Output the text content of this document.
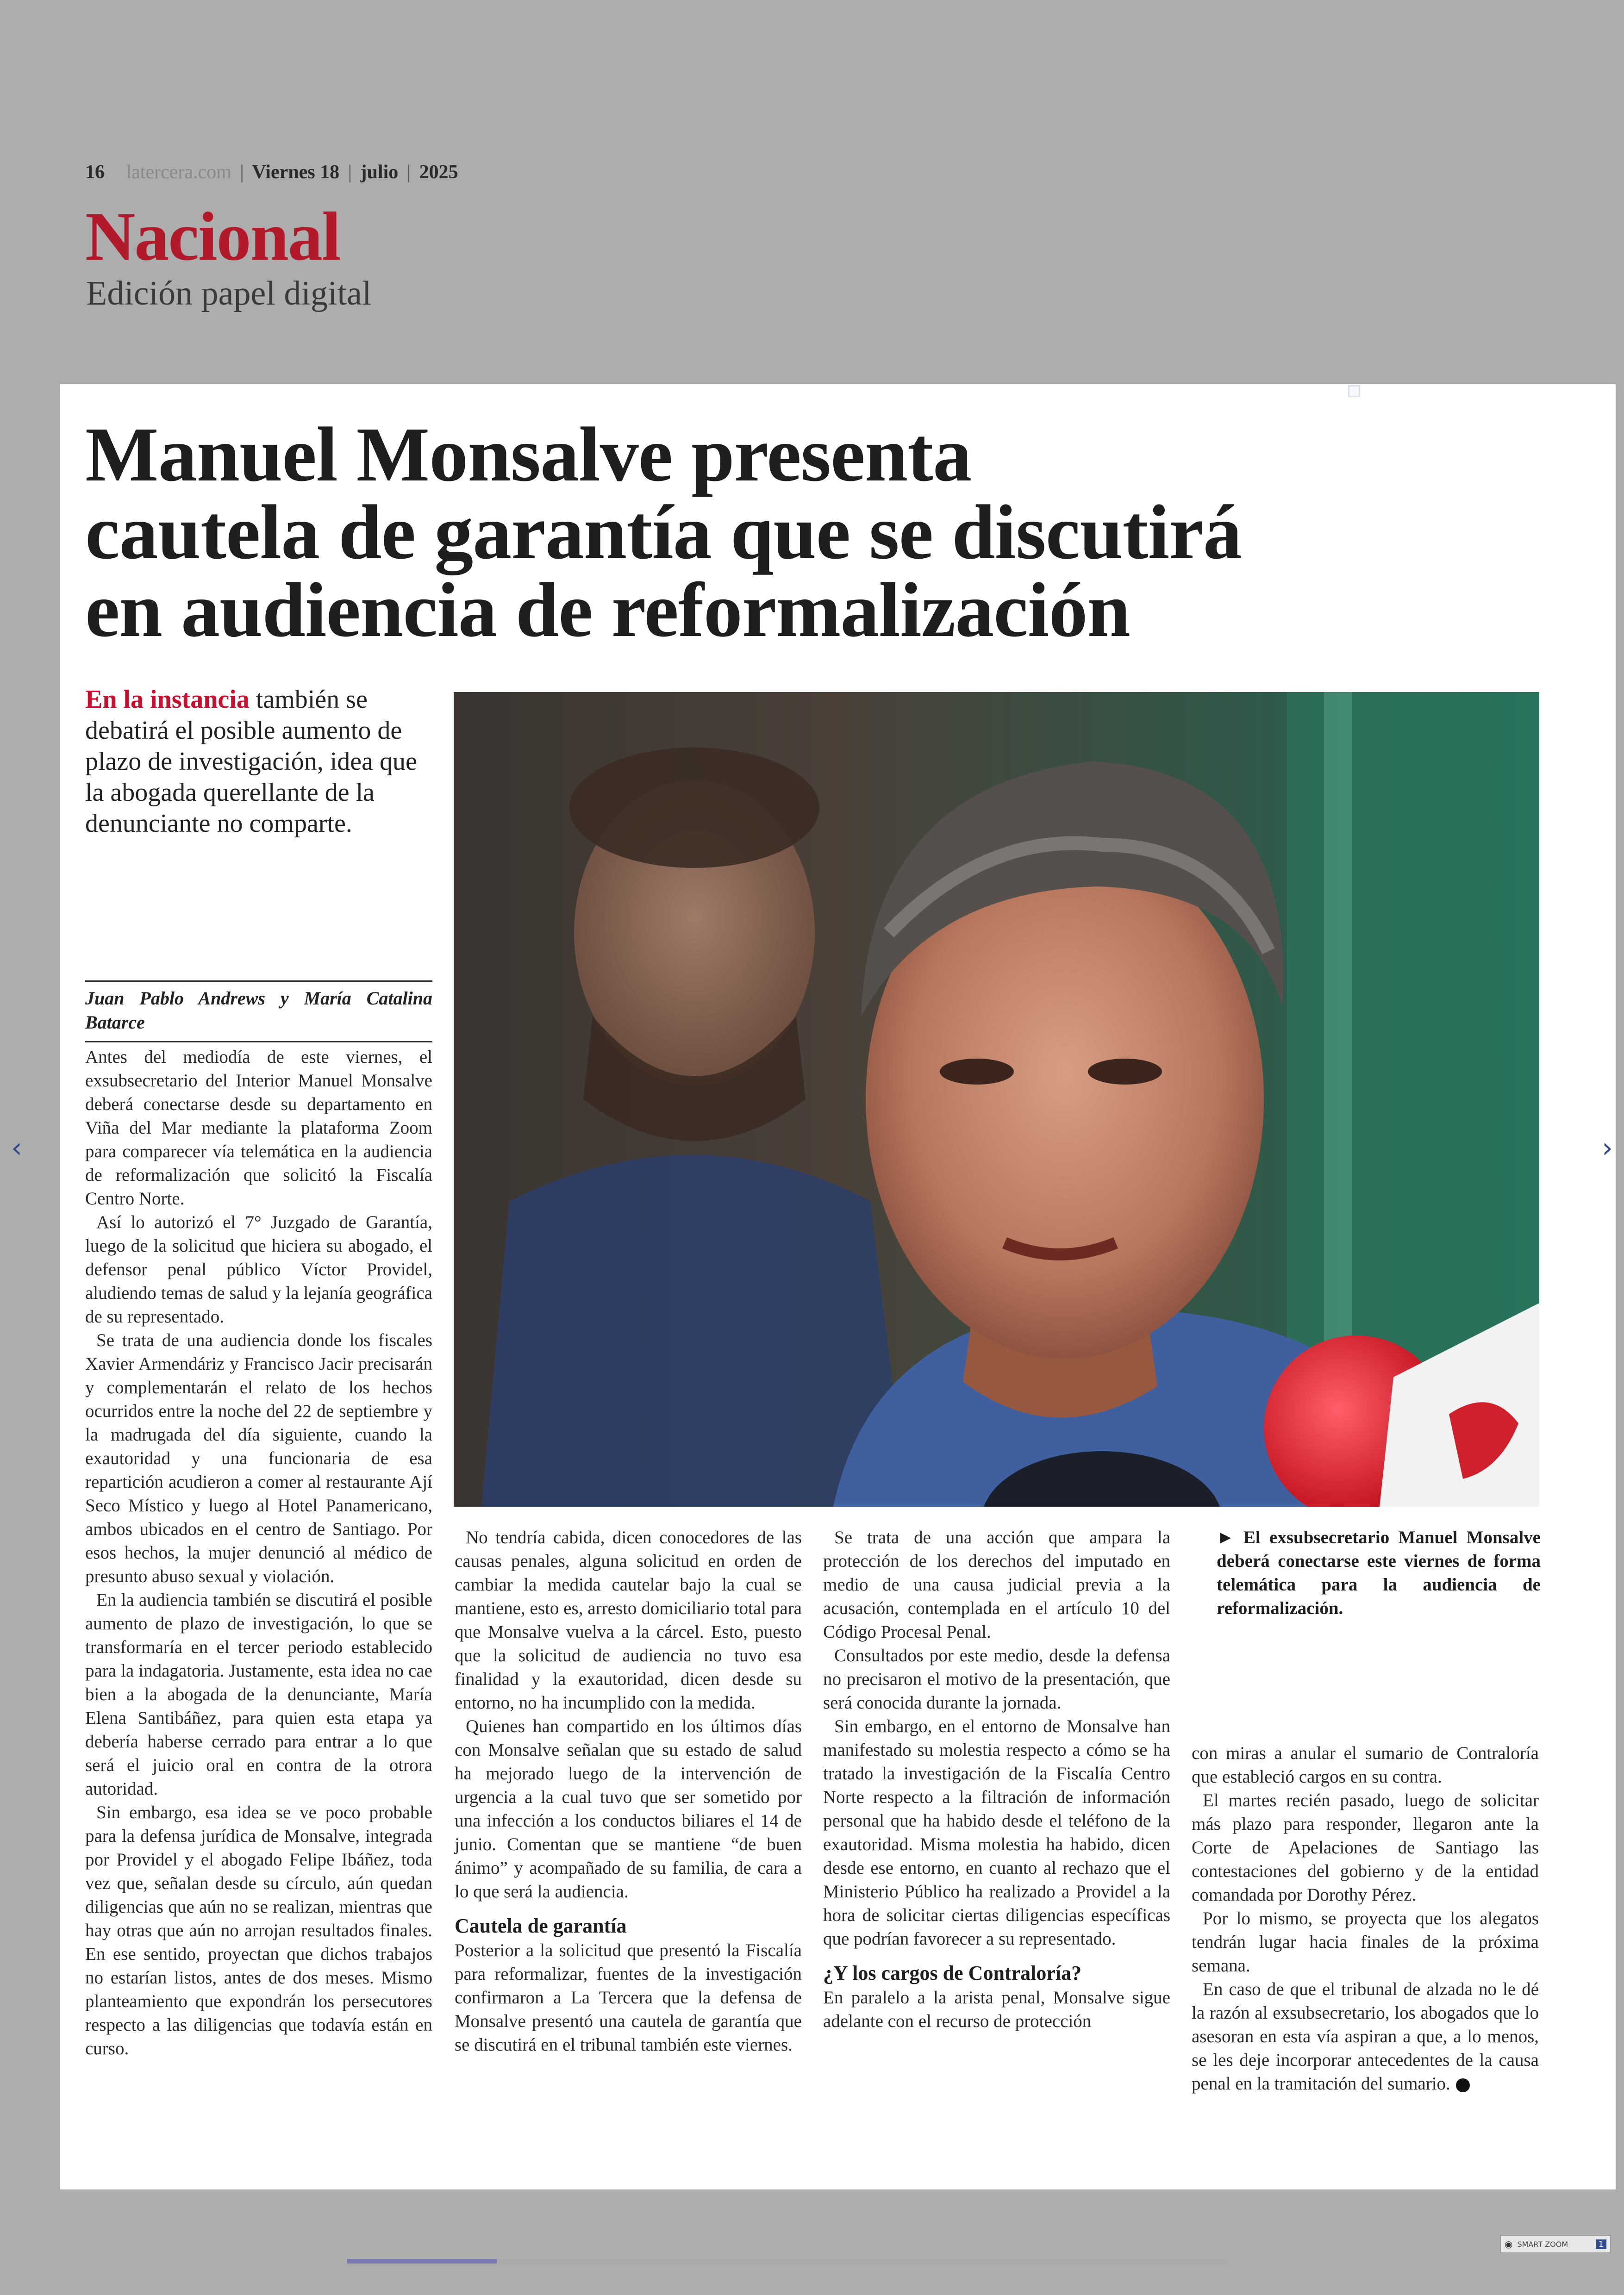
16 latercera.com | Viernes 18 | julio | 2025
Nacional
Edición papel digital
Manuel Monsalve presenta
cautela de garantía que se discutirá
en audiencia de reformalización
En la instancia también se debatirá el posible aumento de plazo de investigación, idea que la abogada querellante de la denunciante no comparte.
Juan Pablo Andrews y María Catalina Batarce

Antes del mediodía de este viernes, el exsubsecretario del Interior Manuel Monsalve deberá conectarse desde su departamento en Viña del Mar mediante la plataforma Zoom para comparecer vía telemática en la audiencia de reformalización que solicitó la Fiscalía Centro Norte.

Así lo autorizó el 7° Juzgado de Garantía, luego de la solicitud que hiciera su abogado, el defensor penal público Víctor Providel, aludiendo temas de salud y la lejanía geográfica de su representado.

Se trata de una audiencia donde los fiscales Xavier Armendáriz y Francisco Jacir precisarán y complementarán el relato de los hechos ocurridos entre la noche del 22 de septiembre y la madrugada del día siguiente, cuando la exautoridad y una funcionaria de esa repartición acudieron a comer al restaurante Ají Seco Místico y luego al Hotel Panamericano, ambos ubicados en el centro de Santiago. Por esos hechos, la mujer denunció al médico de presunto abuso sexual y violación.

En la audiencia también se discutirá el posible aumento de plazo de investigación, lo que se transformaría en el tercer periodo establecido para la indagatoria. Justamente, esta idea no cae bien a la abogada de la denunciante, María Elena Santibáñez, para quien esta etapa ya debería haberse cerrado para entrar a lo que será el juicio oral en contra de la otrora autoridad.

Sin embargo, esa idea se ve poco probable para la defensa jurídica de Monsalve, integrada por Providel y el abogado Felipe Ibáñez, toda vez que, señalan desde su círculo, aún quedan diligencias que aún no se realizan, mientras que hay otras que aún no arrojan resultados finales. En ese sentido, proyectan que dichos trabajos no estarían listos, antes de dos meses. Mismo planteamiento que expondrán los persecutores respecto a las diligencias que todavía están en curso.

No tendría cabida, dicen conocedores de las causas penales, alguna solicitud en orden de cambiar la medida cautelar bajo la cual se mantiene, esto es, arresto domiciliario total para que Monsalve vuelva a la cárcel. Esto, puesto que la solicitud de audiencia no tuvo esa finalidad y la exautoridad, dicen desde su entorno, no ha incumplido con la medida.

Quienes han compartido en los últimos días con Monsalve señalan que su estado de salud ha mejorado luego de la intervención de urgencia a la cual tuvo que ser sometido por una infección a los conductos biliares el 14 de junio. Comentan que se mantiene “de buen ánimo” y acompañado de su familia, de cara a lo que será la audiencia.

Cautela de garantía

Posterior a la solicitud que presentó la Fiscalía para reformalizar, fuentes de la investigación confirmaron a La Tercera que la defensa de Monsalve presentó una cautela de garantía que se discutirá en el tribunal también este viernes.

Se trata de una acción que ampara la protección de los derechos del imputado en medio de una causa judicial previa a la acusación, contemplada en el artículo 10 del Código Procesal Penal.

Consultados por este medio, desde la defensa no precisaron el motivo de la presentación, que será conocida durante la jornada.

Sin embargo, en el entorno de Monsalve han manifestado su molestia respecto a cómo se ha tratado la investigación de la Fiscalía Centro Norte respecto a la filtración de información personal que ha habido desde el teléfono de la exautoridad. Misma molestia ha habido, dicen desde ese entorno, en cuanto al rechazo que el Ministerio Público ha realizado a Providel a la hora de solicitar ciertas diligencias específicas que podrían favorecer a su representado.

¿Y los cargos de Contraloría?

En paralelo a la arista penal, Monsalve sigue adelante con el recurso de protección

► El exsubsecretario Manuel Monsalve deberá conectarse este viernes de forma telemática para la audiencia de reformalización.

con miras a anular el sumario de Contraloría que estableció cargos en su contra.

El martes recién pasado, luego de solicitar más plazo para responder, llegaron ante la Corte de Apelaciones de Santiago las contestaciones del gobierno y de la entidad comandada por Dorothy Pérez.

Por lo mismo, se proyecta que los alegatos tendrán lugar hacia finales de la próxima semana.

En caso de que el tribunal de alzada no le dé la razón al exsubsecretario, los abogados que lo asesoran en esta vía aspiran a que, a lo menos, se les deje incorporar antecedentes de la causa penal en la tramitación del sumario.

‹	›
◉ SMART ZOOM	1
